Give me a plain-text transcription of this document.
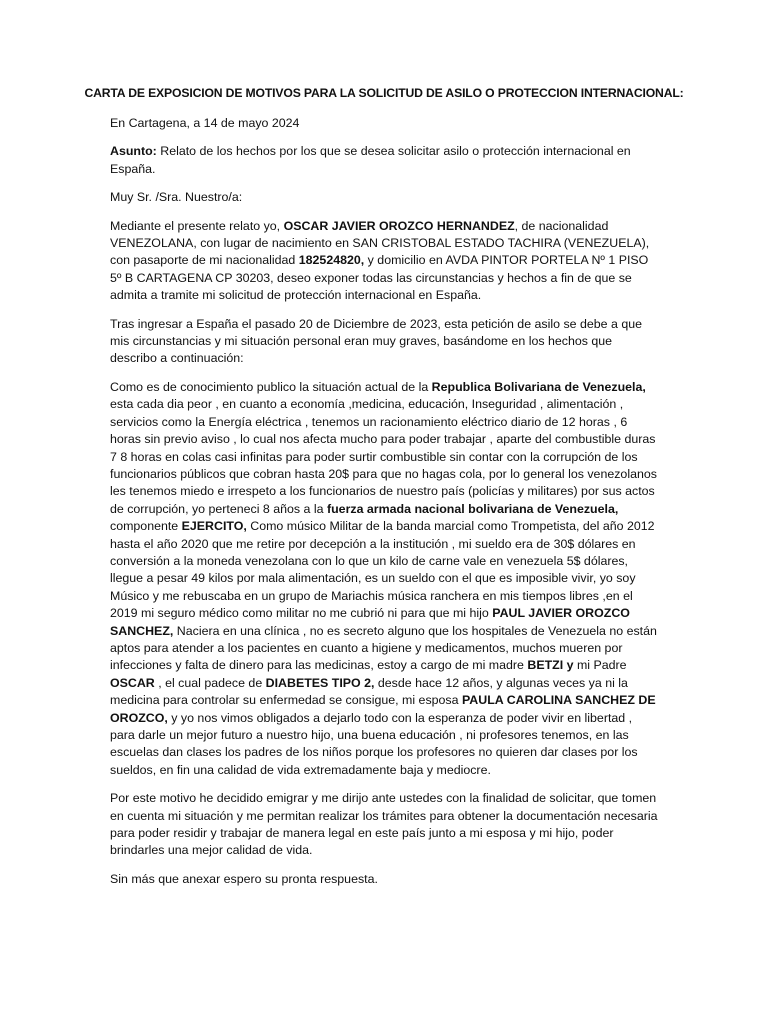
CARTA DE EXPOSICION DE MOTIVOS PARA LA SOLICITUD DE ASILO O PROTECCION INTERNACIONAL:

En Cartagena, a 14 de mayo 2024

Asunto: Relato de los hechos por los que se desea solicitar asilo o protección internacional en España.

Muy Sr. /Sra. Nuestro/a:

Mediante el presente relato yo, OSCAR JAVIER OROZCO HERNANDEZ, de nacionalidad VENEZOLANA, con lugar de nacimiento en SAN CRISTOBAL ESTADO TACHIRA (VENEZUELA), con pasaporte de mi nacionalidad 182524820, y domicilio en AVDA PINTOR PORTELA Nº 1 PISO 5º B CARTAGENA CP 30203, deseo exponer todas las circunstancias y hechos a fin de que se admita a tramite mi solicitud de protección internacional en España.

Tras ingresar a España el pasado 20 de Diciembre de 2023, esta petición de asilo se debe a que mis circunstancias y mi situación personal eran muy graves, basándome en los hechos que describo a continuación:

Como es de conocimiento publico la situación actual de la Republica Bolivariana de Venezuela, esta cada dia peor , en cuanto a economía ,medicina, educación, Inseguridad , alimentación , servicios como la Energía eléctrica , tenemos un racionamiento eléctrico diario de 12 horas , 6 horas sin previo aviso , lo cual nos afecta mucho para poder trabajar , aparte del combustible duras 7 8 horas en colas casi infinitas para poder surtir combustible sin contar con la corrupción de los funcionarios públicos que cobran hasta 20$ para que no hagas cola, por lo general los venezolanos les tenemos miedo e irrespeto a los funcionarios de nuestro país (policías y militares) por sus actos de corrupción, yo perteneci 8 años a la fuerza armada nacional bolivariana de Venezuela, componente EJERCITO, Como músico Militar de la banda marcial como Trompetista, del año 2012 hasta el año 2020 que me retire por decepción a la institución , mi sueldo era de 30$ dólares en conversión a la moneda venezolana con lo que un kilo de carne vale en venezuela 5$ dólares, llegue a pesar 49 kilos por mala alimentación, es un sueldo con el que es imposible vivir, yo soy Músico y me rebuscaba en un grupo de Mariachis música ranchera en mis tiempos libres ,en el 2019 mi seguro médico como militar no me cubrió ni para que mi hijo PAUL JAVIER OROZCO SANCHEZ, Naciera en una clínica , no es secreto alguno que los hospitales de Venezuela no están aptos para atender a los pacientes en cuanto a higiene y medicamentos, muchos mueren por infecciones y falta de dinero para las medicinas, estoy a cargo de mi madre BETZI y mi Padre OSCAR , el cual padece de DIABETES TIPO 2, desde hace 12 años, y algunas veces ya ni la medicina para controlar su enfermedad se consigue, mi esposa PAULA CAROLINA SANCHEZ DE OROZCO, y yo nos vimos obligados a dejarlo todo con la esperanza de poder vivir en libertad , para darle un mejor futuro a nuestro hijo, una buena educación , ni profesores tenemos, en las escuelas dan clases los padres de los niños porque los profesores no quieren dar clases por los sueldos, en fin una calidad de vida extremadamente baja y mediocre.

Por este motivo he decidido emigrar y me dirijo ante ustedes con la finalidad de solicitar, que tomen en cuenta mi situación y me permitan realizar los trámites para obtener la documentación necesaria para poder residir y trabajar de manera legal en este país junto a mi esposa y mi hijo, poder brindarles una mejor calidad de vida.

Sin más que anexar espero su pronta respuesta.
